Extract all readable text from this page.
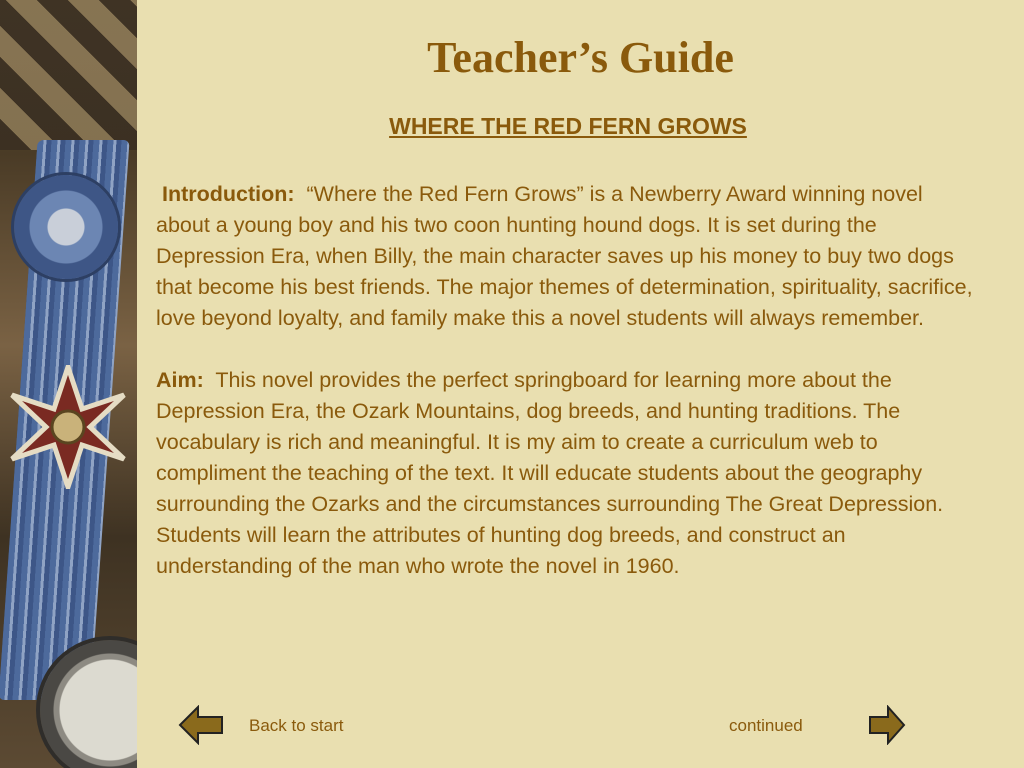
Teacher’s Guide
WHERE THE RED FERN GROWS

Introduction: “Where the Red Fern Grows” is a Newberry Award winning novel about a young boy and his two coon hunting hound dogs. It is set during the Depression Era, when Billy, the main character saves up his money to buy two dogs that become his best friends. The major themes of determination, spirituality, sacrifice, love beyond loyalty, and family make this a novel students will always remember.

Aim: This novel provides the perfect springboard for learning more about the Depression Era, the Ozark Mountains, dog breeds, and hunting traditions. The vocabulary is rich and meaningful. It is my aim to create a curriculum web to compliment the teaching of the text. It will educate students about the geography surrounding the Ozarks and the circumstances surrounding The Great Depression. Students will learn the attributes of hunting dog breeds, and construct an understanding of the man who wrote the novel in 1960.

Back to start	continued
